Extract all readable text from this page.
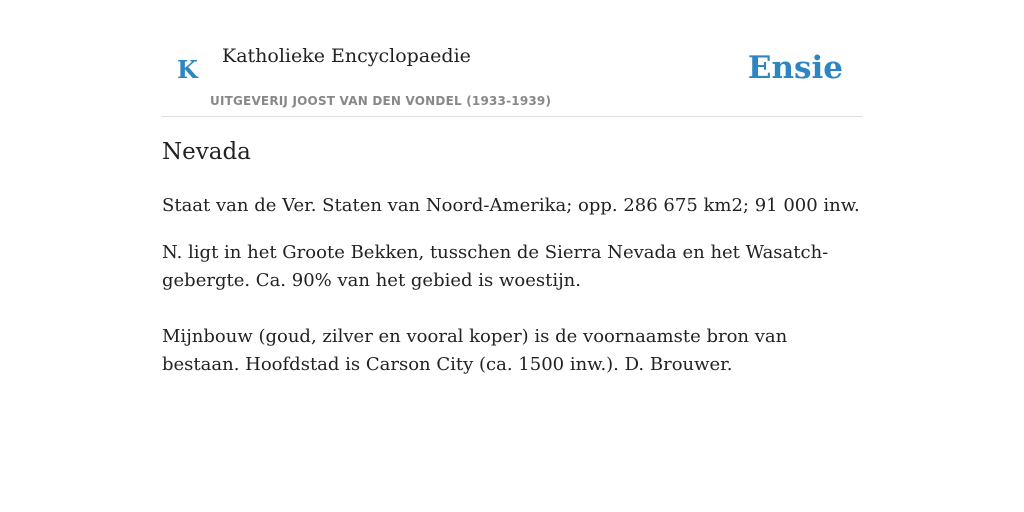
K Katholieke Encyclopaedie
UITGEVERIJ JOOST VAN DEN VONDEL (1933-1939)
Ensie
Nevada

Staat van de Ver. Staten van Noord-Amerika; opp. 286 675 km2; 91 000 inw.

N. ligt in het Groote Bekken, tusschen de Sierra Nevada en het Wasatch-gebergte. Ca. 90% van het gebied is woestijn.

Mijnbouw (goud, zilver en vooral koper) is de voornaamste bron van bestaan. Hoofdstad is Carson City (ca. 1500 inw.). D. Brouwer.
